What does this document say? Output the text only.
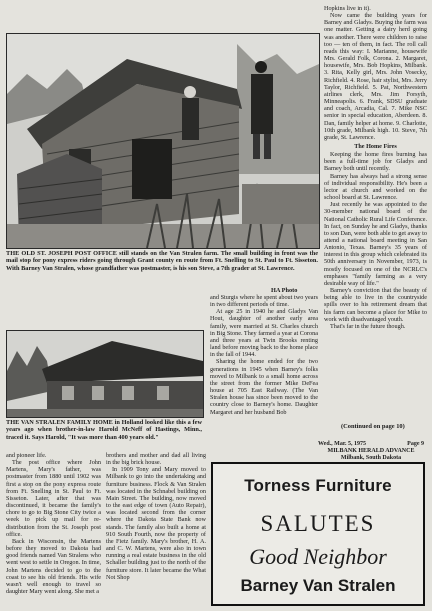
THE OLD ST. JOSEPH POST OFFICE still stands on the Van Stralen farm. The small building in front was the mail stop for pony express riders going through Grant county en route from Ft. Snelling to St. Paul to Ft. Sisseton. With Barney Van Stralen, whose grandfather was postmaster, is his son Steve, a 7th grader at St. Lawrence.
HA Photo
THE VAN STRALEN FAMILY HOME in Holland looked like this a few years ago when brother-in-law Harold McNeff of Hastings, Minn., traced it. Says Harold, "It was more than 400 years old."

and pioneer life.

The post office where John Martens, Mary's father, was postmaster from 1880 until 1902 was first a stop on the pony express route from Ft. Snelling in St. Paul to Ft. Sisseton. Later, after that was discontinued, it became the family's chore to go to Big Stone City twice a week to pick up mail for re-distribution from the St. Joseph post office.

Back in Wisconsin, the Martens before they moved to Dakota had good friends named Van Stralens who went west to settle in Oregon. In time, John Martens decided to go to the coast to see his old friends. His wife wasn't well enough to travel so daughter Mary went along. She met a

and Sturgis where he spent about two years in two different periods of time.

At age 25 in 1940 he and Gladys Van Hout, daughter of another early area family, were married at St. Charles church in Big Stone. They farmed a year at Corona and three years at Twin Brooks renting land before moving back to the home place in the fall of 1944.

Sharing the home ended for the two generations in 1945 when Barney's folks moved to Milbank to a small home across the street from the former Mike DeFea house at 705 East Railway. (The Van Stralen house has since been moved to the country close to Barney's home. Daughter Margaret and her husband Bob

brothers and mother and dad all living in the big brick house.

In 1909 Tony and Mary moved to Milbank to go into the undertaking and furniture business. Flock & Van Stralen was located in the Schnabel building on Main Street. The building, now moved to the east edge of town (Auto Repair), was located second from the corner where the Dakota State Bank now stands. The family also built a home at 910 South Fourth, now the property of the Fietz family. Mary's brother, H. A. and C. W. Martens, were also in town running a real estate business in the old Schaller building just to the north of the furniture store. It later became the What Not Shop

Hopkins live in it).

Now came the building years for Barney and Gladys. Buying the farm was one matter. Getting a dairy herd going was another. There were children to raise too — ten of them, in fact. The roll call reads this way: I. Marianne, housewife Mrs. Gerald Folk, Corona. 2. Margaret, housewife, Mrs. Bob Hopkins, Milbank. 3. Rita, Kelly girl, Mrs. John Vosecky, Richfield. 4. Rose, hair stylist, Mrs. Jerry Taylor, Richfield. 5. Pat, Northwestern airlines clerk, Mrs. Jim Forsyth, Minneapolis. 6. Frank, SDSU graduate and coach, Arcadia, Cal. 7. Mike NSC senior in special education, Aberdeen. 8. Dan, family helper at home. 9. Charlotte, 10th grade, Milbank high. 10. Steve, 7th grade, St. Lawrence.

The Home Fires

Keeping the home fires burning has been a full-time job for Gladys and Barney both until recently.

Barney has always had a strong sense of individual responsibility. He's been a lector at church and worked on the school board at St. Lawrence.

Just recently he was appointed to the 30-member national board of the National Catholic Rural Life Conference. In fact, on Sunday he and Gladys, thanks to son Dan, were both able to get away to attend a national board meeting in San Antonio, Texas. Barney's 35 years of interest in this group which celebrated its 50th anniversary in November, 1973, is mostly focused on one of the NCRLC's emphases "family farming as a very desirable way of life."

Barney's conviction that the beauty of being able to live in the countryside spills over to his retirement dream that his farm can become a place for Mike to work with disadvantaged youth.

That's far in the future though.

(Continued on page 10)
Wed., Mar. 5, 1975	Page 9
MILBANK HERALD ADVANCE
Milbank, South Dakota
Torness Furniture
SALUTES
Good Neighbor
Barney Van Stralen
